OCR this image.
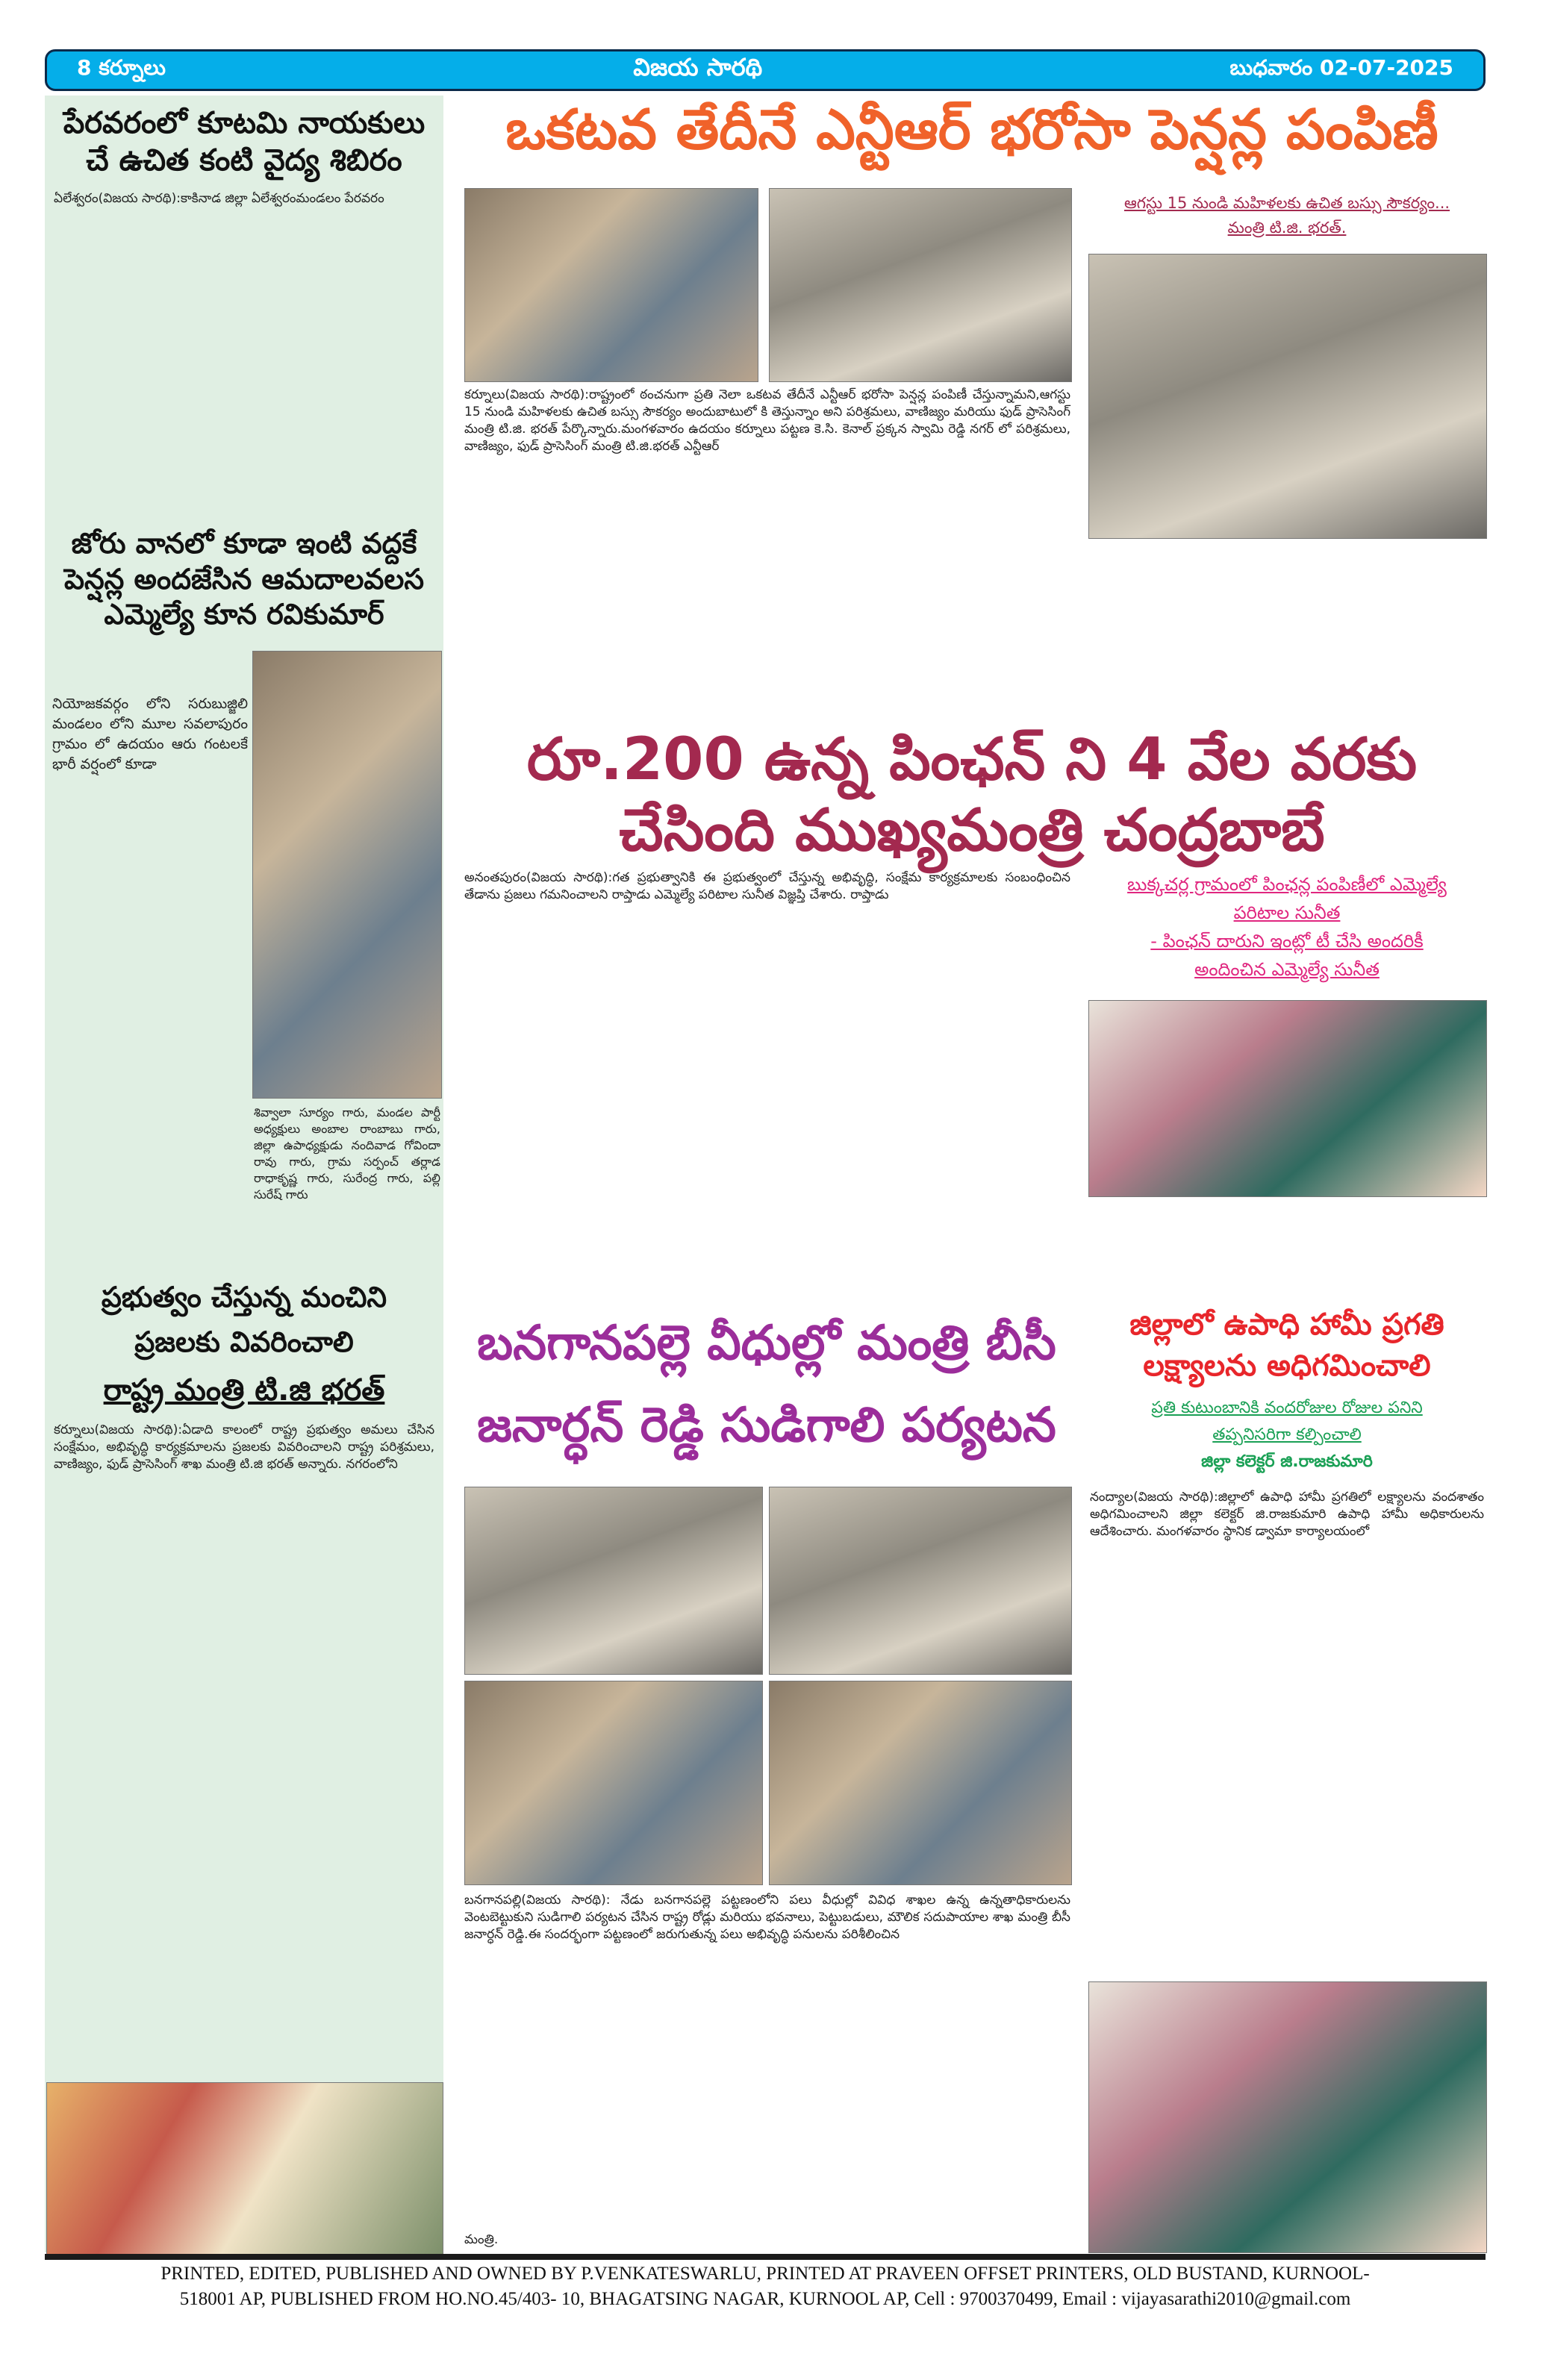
8 కర్నూలు	విజయ సారథి	బుధవారం 02-07-2025
పేరవరంలో కూటమి నాయకులు చే ఉచిత కంటి వైద్య శిబిరం
ఏలేశ్వరం(విజయ సారథి):కాకినాడ జిల్లా ఏలేశ్వరంమండలం పేరవరం
జోరు వానలో కూడా ఇంటి వద్దకే పెన్షన్ల అందజేసిన ఆమదాలవలస ఎమ్మెల్యే కూన రవికుమార్
నియోజకవర్గం లోని సరుబుజ్జిలి మండలం లోని మూల సవలాపురం గ్రామం లో ఉదయం ఆరు గంటలకే భారీ వర్షంలో కూడా
శివ్వాలా సూర్యం గారు, మండల పార్టీ అధ్యక్షులు అంబాల రాంబాబు గారు, జిల్లా ఉపాధ్యక్షుడు నందివాడ గోవిందా రావు గారు, గ్రామ సర్పంచ్ తర్లాడ రాధాకృష్ణ గారు, సురేంద్ర గారు, పల్లి సురేష్ గారు
ప్రభుత్వం చేస్తున్న మంచిని
ప్రజలకు వివరించాలి
రాష్ట్ర మంత్రి టి.జి భరత్
కర్నూలు(విజయ సారథి):ఏడాది కాలంలో రాష్ట్ర ప్రభుత్వం అమలు చేసిన సంక్షేమం, అభివృద్ధి కార్యక్రమాలను ప్రజలకు వివరించాలని రాష్ట్ర పరిశ్రమలు, వాణిజ్యం, ఫుడ్ ప్రాసెసింగ్ శాఖ మంత్రి టి.జి భరత్ అన్నారు. నగరంలోని
ఒకటవ తేదీనే ఎన్టీఆర్ భరోసా పెన్షన్ల పంపిణీ
ఆగస్టు 15 నుండి మహిళలకు ఉచిత బస్సు సౌకర్యం...
మంత్రి టి.జి. భరత్.
కర్నూలు(విజయ సారథి):రాష్ట్రంలో ఠంచనుగా ప్రతి నెలా ఒకటవ తేదీనే ఎన్టీఆర్ భరోసా పెన్షన్ల పంపిణీ చేస్తున్నామని,ఆగస్టు 15 నుండి మహిళలకు ఉచిత బస్సు సౌకర్యం అందుబాటులో కి తెస్తున్నాం అని పరిశ్రమలు, వాణిజ్యం మరియు ఫుడ్ ప్రాసెసింగ్ మంత్రి టి.జి. భరత్ పేర్కొన్నారు.మంగళవారం ఉదయం కర్నూలు పట్టణ కె.సి. కెనాల్ ప్రక్కన స్వామి రెడ్డి నగర్ లో పరిశ్రమలు, వాణిజ్యం, ఫుడ్ ప్రాసెసింగ్ మంత్రి టి.జి.భరత్ ఎన్టీఆర్
రూ.200 ఉన్న పింఛన్ ని 4 వేల వరకు
చేసింది ముఖ్యమంత్రి చంద్రబాబే
అనంతపురం(విజయ సారథి):గత ప్రభుత్వానికి ఈ ప్రభుత్వంలో చేస్తున్న అభివృద్ధి, సంక్షేమ కార్యక్రమాలకు సంబంధించిన తేడాను ప్రజలు గమనించాలని రాప్తాడు ఎమ్మెల్యే పరిటాల సునీత విజ్ఞప్తి చేశారు. రాప్తాడు	బుక్కచర్ల గ్రామంలో పింఛన్ల పంపిణీలో ఎమ్మెల్యే
పరిటాల సునీత
- పింఛన్ దారుని ఇంట్లో టీ చేసి అందరికీ
అందించిన ఎమ్మెల్యే సునీత
బనగానపల్లె వీధుల్లో మంత్రి బీసీ
జనార్ధన్ రెడ్డి సుడిగాలి పర్యటన
బనగానపల్లి(విజయ సారథి): నేడు బనగానపల్లె పట్టణంలోని పలు వీధుల్లో వివిధ శాఖల ఉన్న ఉన్నతాధికారులను వెంటబెట్టుకుని సుడిగాలి పర్యటన చేసిన రాష్ట్ర రోడ్లు మరియు భవనాలు, పెట్టుబడులు, మౌలిక సదుపాయాల శాఖ మంత్రి బీసీ జనార్ధన్ రెడ్డి.ఈ సందర్భంగా పట్టణంలో జరుగుతున్న పలు అభివృద్ధి పనులను పరిశీలించిన
మంత్రి.
జిల్లాలో ఉపాధి హామీ ప్రగతి
లక్ష్యాలను అధిగమించాలి
ప్రతి కుటుంబానికి వందరోజుల రోజుల పనిని
తప్పనిసరిగా కల్పించాలి
జిల్లా కలెక్టర్ జి.రాజకుమారి
నంద్యాల(విజయ సారథి):జిల్లాలో ఉపాధి హామీ ప్రగతిలో లక్ష్యాలను వందశాతం అధిగమించాలని జిల్లా కలెక్టర్ జి.రాజకుమారి ఉపాధి హామీ అధికారులను ఆదేశించారు. మంగళవారం స్థానిక డ్వామా కార్యాలయంలో
PRINTED, EDITED, PUBLISHED AND OWNED BY P.VENKATESWARLU, PRINTED AT PRAVEEN OFFSET PRINTERS, OLD BUSTAND, KURNOOL-
518001 AP, PUBLISHED FROM HO.NO.45/403- 10, BHAGATSING NAGAR, KURNOOL AP, Cell : 9700370499, Email : vijayasarathi2010@gmail.com
